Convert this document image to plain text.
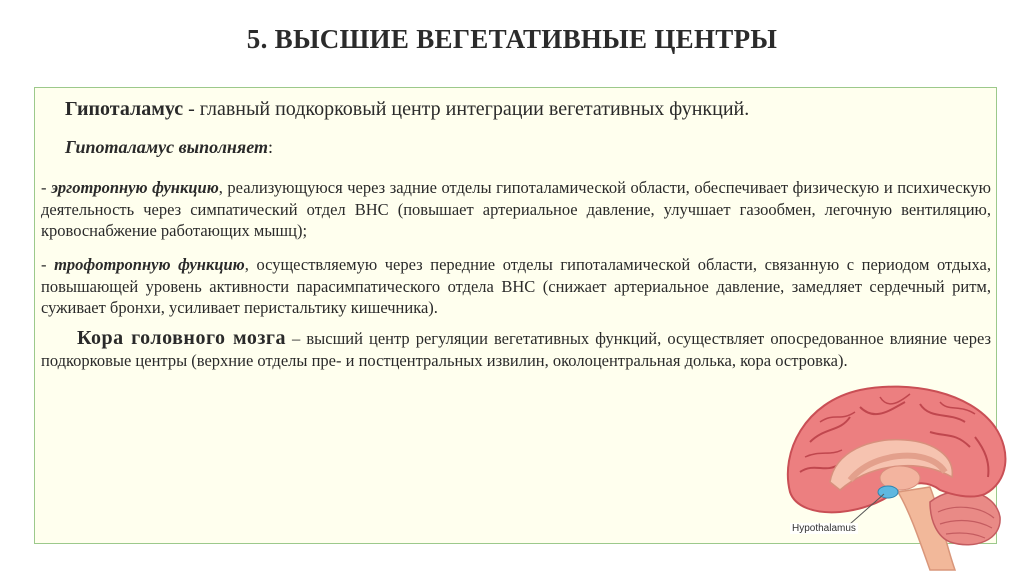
5. ВЫСШИЕ ВЕГЕТАТИВНЫЕ ЦЕНТРЫ

Гипоталамус - главный подкорковый центр интеграции вегетативных функций.

Гипоталамус выполняет:

- эрготропную функцию, реализующуюся через задние отделы гипоталамической области, обеспечивает физическую и психическую деятельность через симпатический отдел ВНС (повышает артериальное давление, улучшает газообмен, легочную вентиляцию, кровоснабжение работающих мышц);
- трофотропную функцию, осуществляемую через передние отделы гипоталамической области, связанную с периодом отдыха, повышающей уровень активности парасимпатического отдела ВНС (снижает артериальное давление, замедляет сердечный ритм, суживает бронхи, усиливает перистальтику кишечника).
Кора головного мозга – высший центр регуляции вегетативных функций, осуществляет опосредованное влияние через подкорковые центры (верхние отделы пре- и постцентральных извилин, околоцентральная долька, кора островка).
Hypothalamus
